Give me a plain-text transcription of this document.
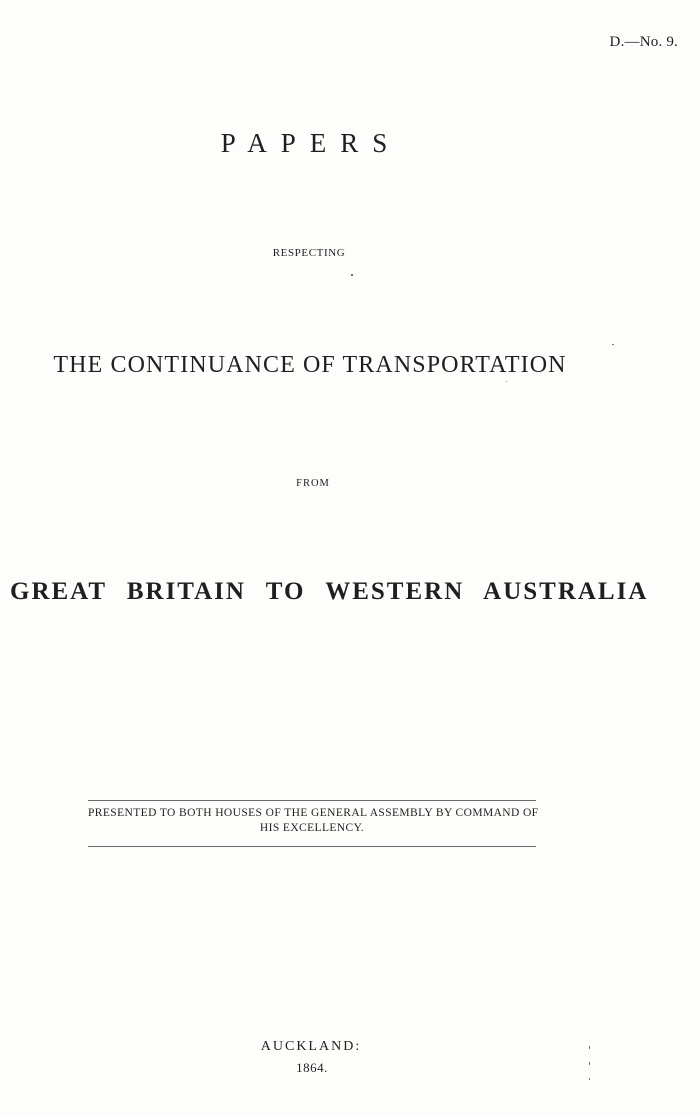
D.—No. 9.
PAPERS
RESPECTING
THE CONTINUANCE OF TRANSPORTATION
FROM
GREAT BRITAIN TO WESTERN AUSTRALIA
PRESENTED TO BOTH HOUSES OF THE GENERAL ASSEMBLY BY COMMAND OF
HIS EXCELLENCY.
AUCKLAND:
1864.
